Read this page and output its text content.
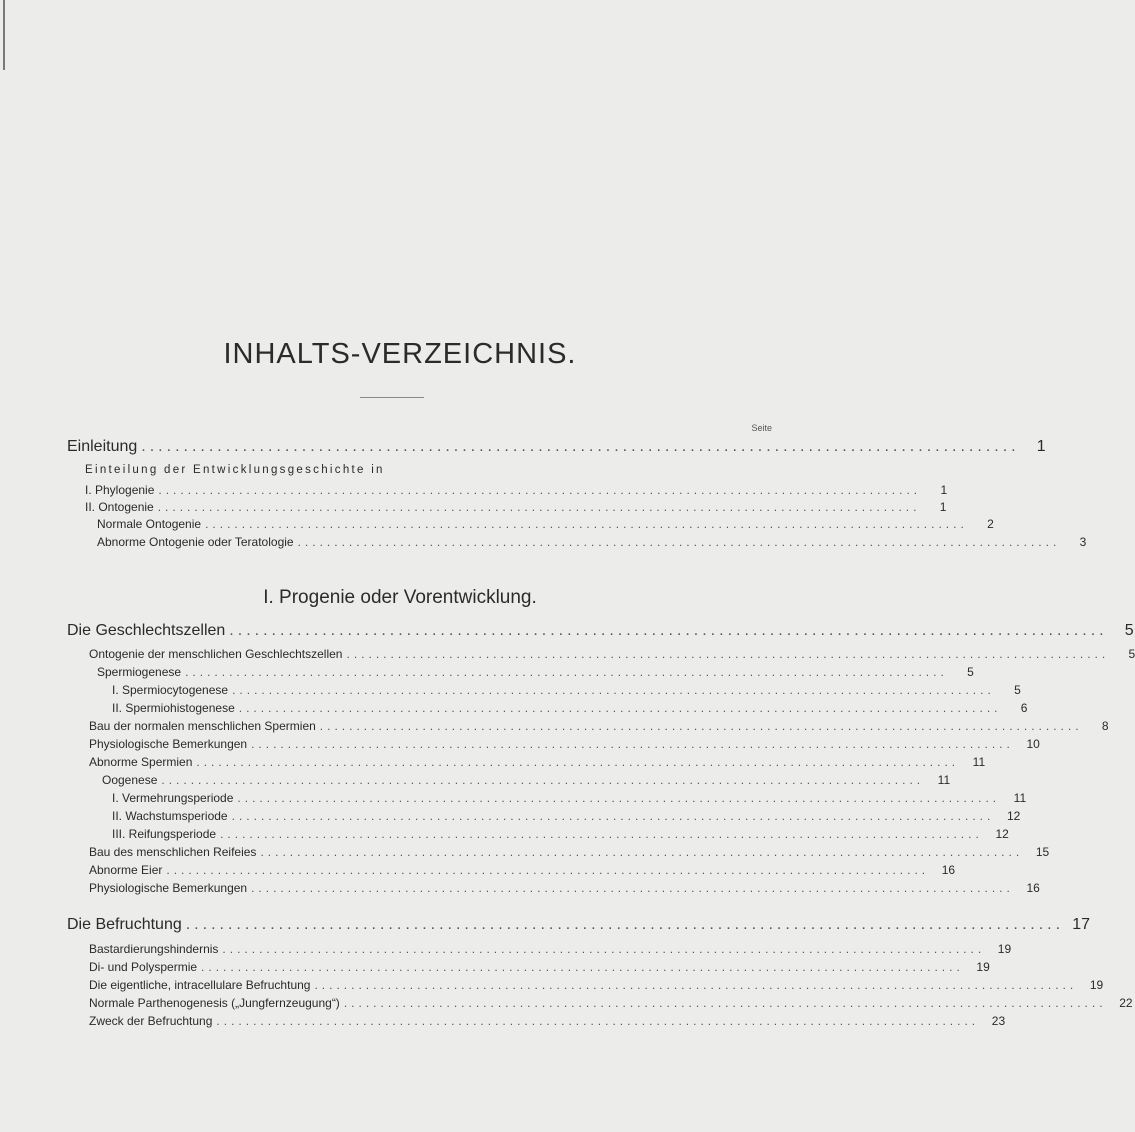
INHALTS-VERZEICHNIS.
Seite
Einleitung ........................................................................................................	1
Einteilung der Entwicklungsgeschichte in
I. Phylogenie ........................................................................................................	1
II. Ontogenie ........................................................................................................	1
Normale Ontogenie ........................................................................................................	2
Abnorme Ontogenie oder Teratologie ........................................................................................................	3
I. Progenie oder Vorentwicklung.
Die Geschlechtszellen ........................................................................................................	5
Ontogenie der menschlichen Geschlechtszellen ........................................................................................................	5
Spermiogenese ........................................................................................................	5
I. Spermiocytogenese ........................................................................................................	5
II. Spermiohistogenese ........................................................................................................	6
Bau der normalen menschlichen Spermien ........................................................................................................	8
Physiologische Bemerkungen ........................................................................................................	10
Abnorme Spermien ........................................................................................................	11
Oogenese ........................................................................................................	11
I. Vermehrungsperiode ........................................................................................................	11
II. Wachstumsperiode ........................................................................................................	12
III. Reifungsperiode ........................................................................................................	12
Bau des menschlichen Reifeies ........................................................................................................	15
Abnorme Eier ........................................................................................................	16
Physiologische Bemerkungen ........................................................................................................	16
Die Befruchtung ........................................................................................................ 17
Bastardierungshindernis ........................................................................................................	19
Di- und Polyspermie ........................................................................................................	19
Die eigentliche, intracellulare Befruchtung ........................................................................................................	19
Normale Parthenogenesis („Jungfernzeugung“) ........................................................................................................	22
Zweck der Befruchtung ........................................................................................................	23
